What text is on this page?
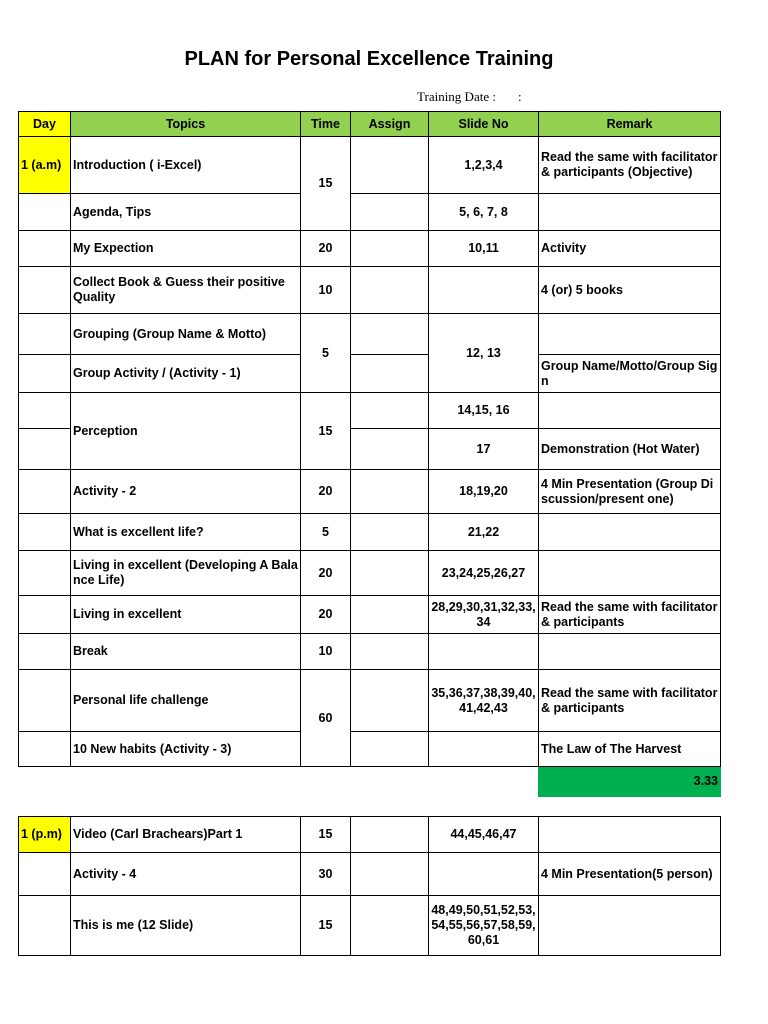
PLAN for Personal Excellence Training
Training Date : :
Day	Topics	Time	Assign	Slide No	Remark
1 (a.m)	Introduction ( i-Excel)	15		1,2,3,4	Read the same with facilitator & participants (Objective)
	Agenda, Tips			5, 6, 7, 8	
	My Expection	20		10,11	Activity
	Collect Book & Guess their positive Quality	10			4 (or) 5 books
	Grouping (Group Name & Motto)	5		12, 13	
	Group Activity / (Activity - 1)				Group Name/Motto/Group Sign
	Perception	15		14,15, 16	
				17	Demonstration (Hot Water)
	Activity - 2	20		18,19,20	4 Min Presentation (Group Discussion/present one)
	What is excellent life?	5		21,22	
	Living in excellent (Developing A Balance Life)	20		23,24,25,26,27	
	Living in excellent	20		28,29,30,31,32,33,34	Read the same with facilitator & participants
	Break	10			
	Personal life challenge	60		35,36,37,38,39,40,41,42,43	Read the same with facilitator & participants
	10 New habits (Activity - 3)				The Law of The Harvest
					3.33
1 (p.m)	Video (Carl Brachears)Part 1	15		44,45,46,47	
	Activity - 4	30			4 Min Presentation(5 person)
	This is me (12 Slide)	15		48,49,50,51,52,53,54,55,56,57,58,59,60,61	
